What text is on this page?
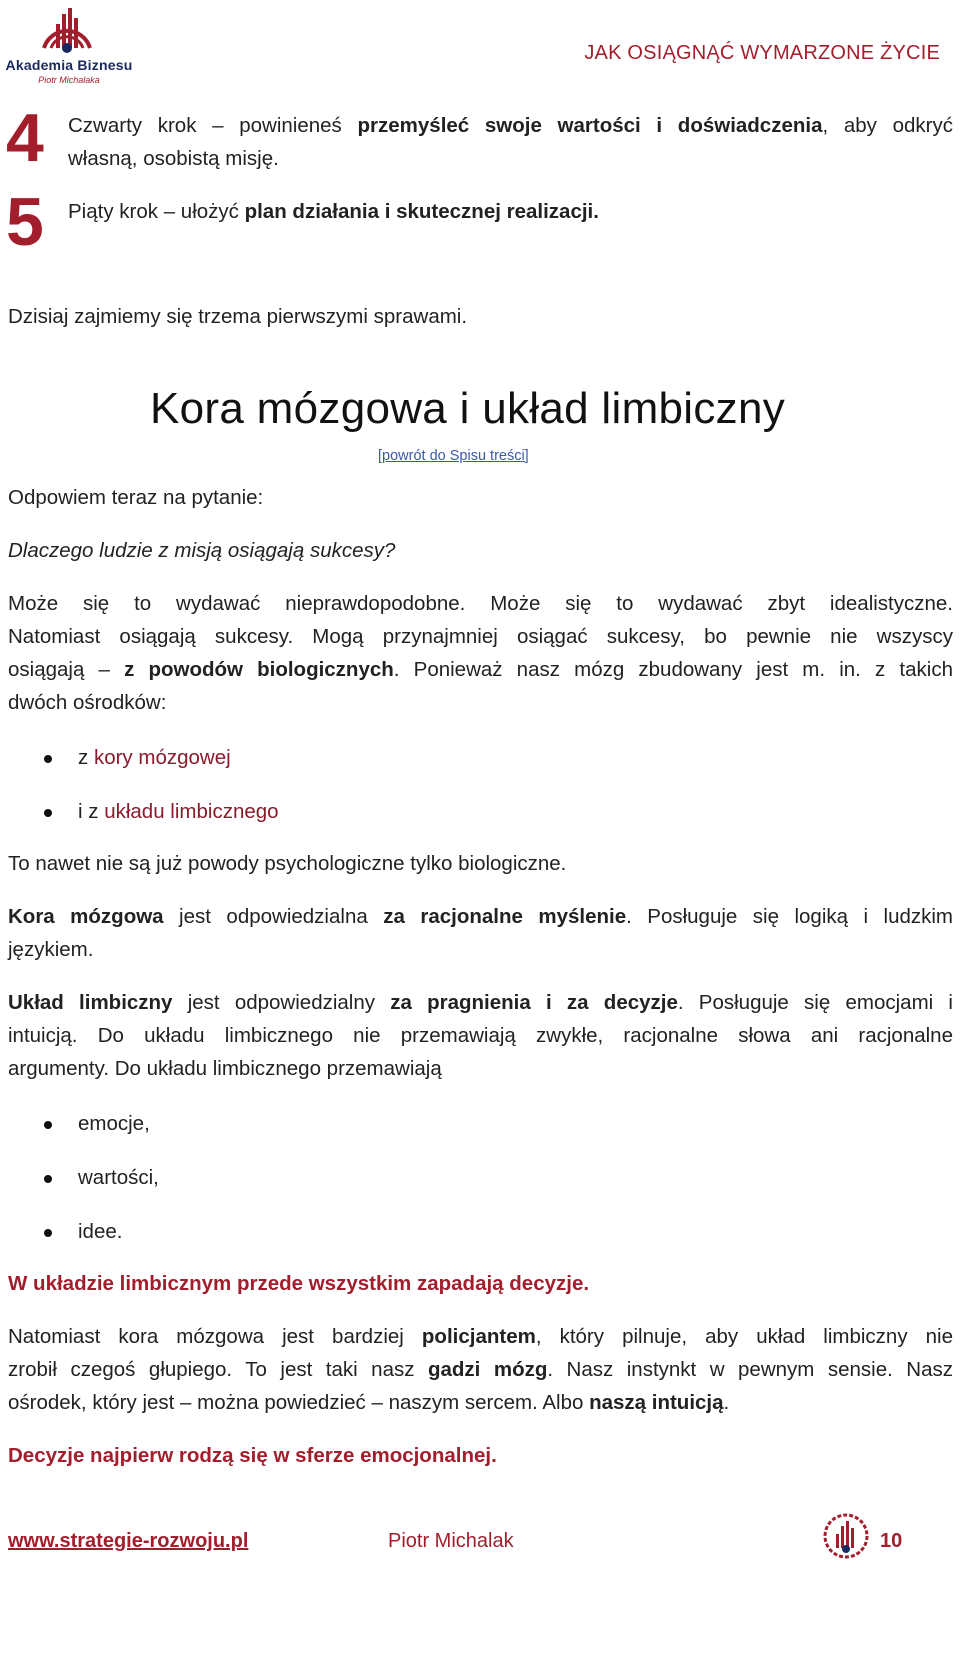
Akademia Biznesu
Piotr Michalaka
JAK OSIĄGNĄĆ WYMARZONE ŻYCIE
4 Czwarty krok – powinieneś przemyśleć swoje wartości i doświadczenia, aby odkryć
własną, osobistą misję.
5 Piąty krok – ułożyć plan działania i skutecznej realizacji.
Dzisiaj zajmiemy się trzema pierwszymi sprawami.
Kora mózgowa i układ limbiczny
[powrót do Spisu treści]
Odpowiem teraz na pytanie:
Dlaczego ludzie z misją osiągają sukcesy?
Może się to wydawać nieprawdopodobne. Może się to wydawać zbyt idealistyczne.
Natomiast osiągają sukcesy. Mogą przynajmniej osiągać sukcesy, bo pewnie nie wszyscy
osiągają – z powodów biologicznych. Ponieważ nasz mózg zbudowany jest m. in. z takich
dwóch ośrodków:
z kory mózgowej
i z układu limbicznego
To nawet nie są już powody psychologiczne tylko biologiczne.
Kora mózgowa jest odpowiedzialna za racjonalne myślenie. Posługuje się logiką i ludzkim
językiem.
Układ limbiczny jest odpowiedzialny za pragnienia i za decyzje. Posługuje się emocjami i
intuicją. Do układu limbicznego nie przemawiają zwykłe, racjonalne słowa ani racjonalne
argumenty. Do układu limbicznego przemawiają
emocje,
wartości,
idee.
W układzie limbicznym przede wszystkim zapadają decyzje.
Natomiast kora mózgowa jest bardziej policjantem, który pilnuje, aby układ limbiczny nie
zrobił czegoś głupiego. To jest taki nasz gadzi mózg. Nasz instynkt w pewnym sensie. Nasz
ośrodek, który jest – można powiedzieć – naszym sercem. Albo naszą intuicją.
Decyzje najpierw rodzą się w sferze emocjonalnej.
www.strategie-rozwoju.pl	Piotr Michalak	10
